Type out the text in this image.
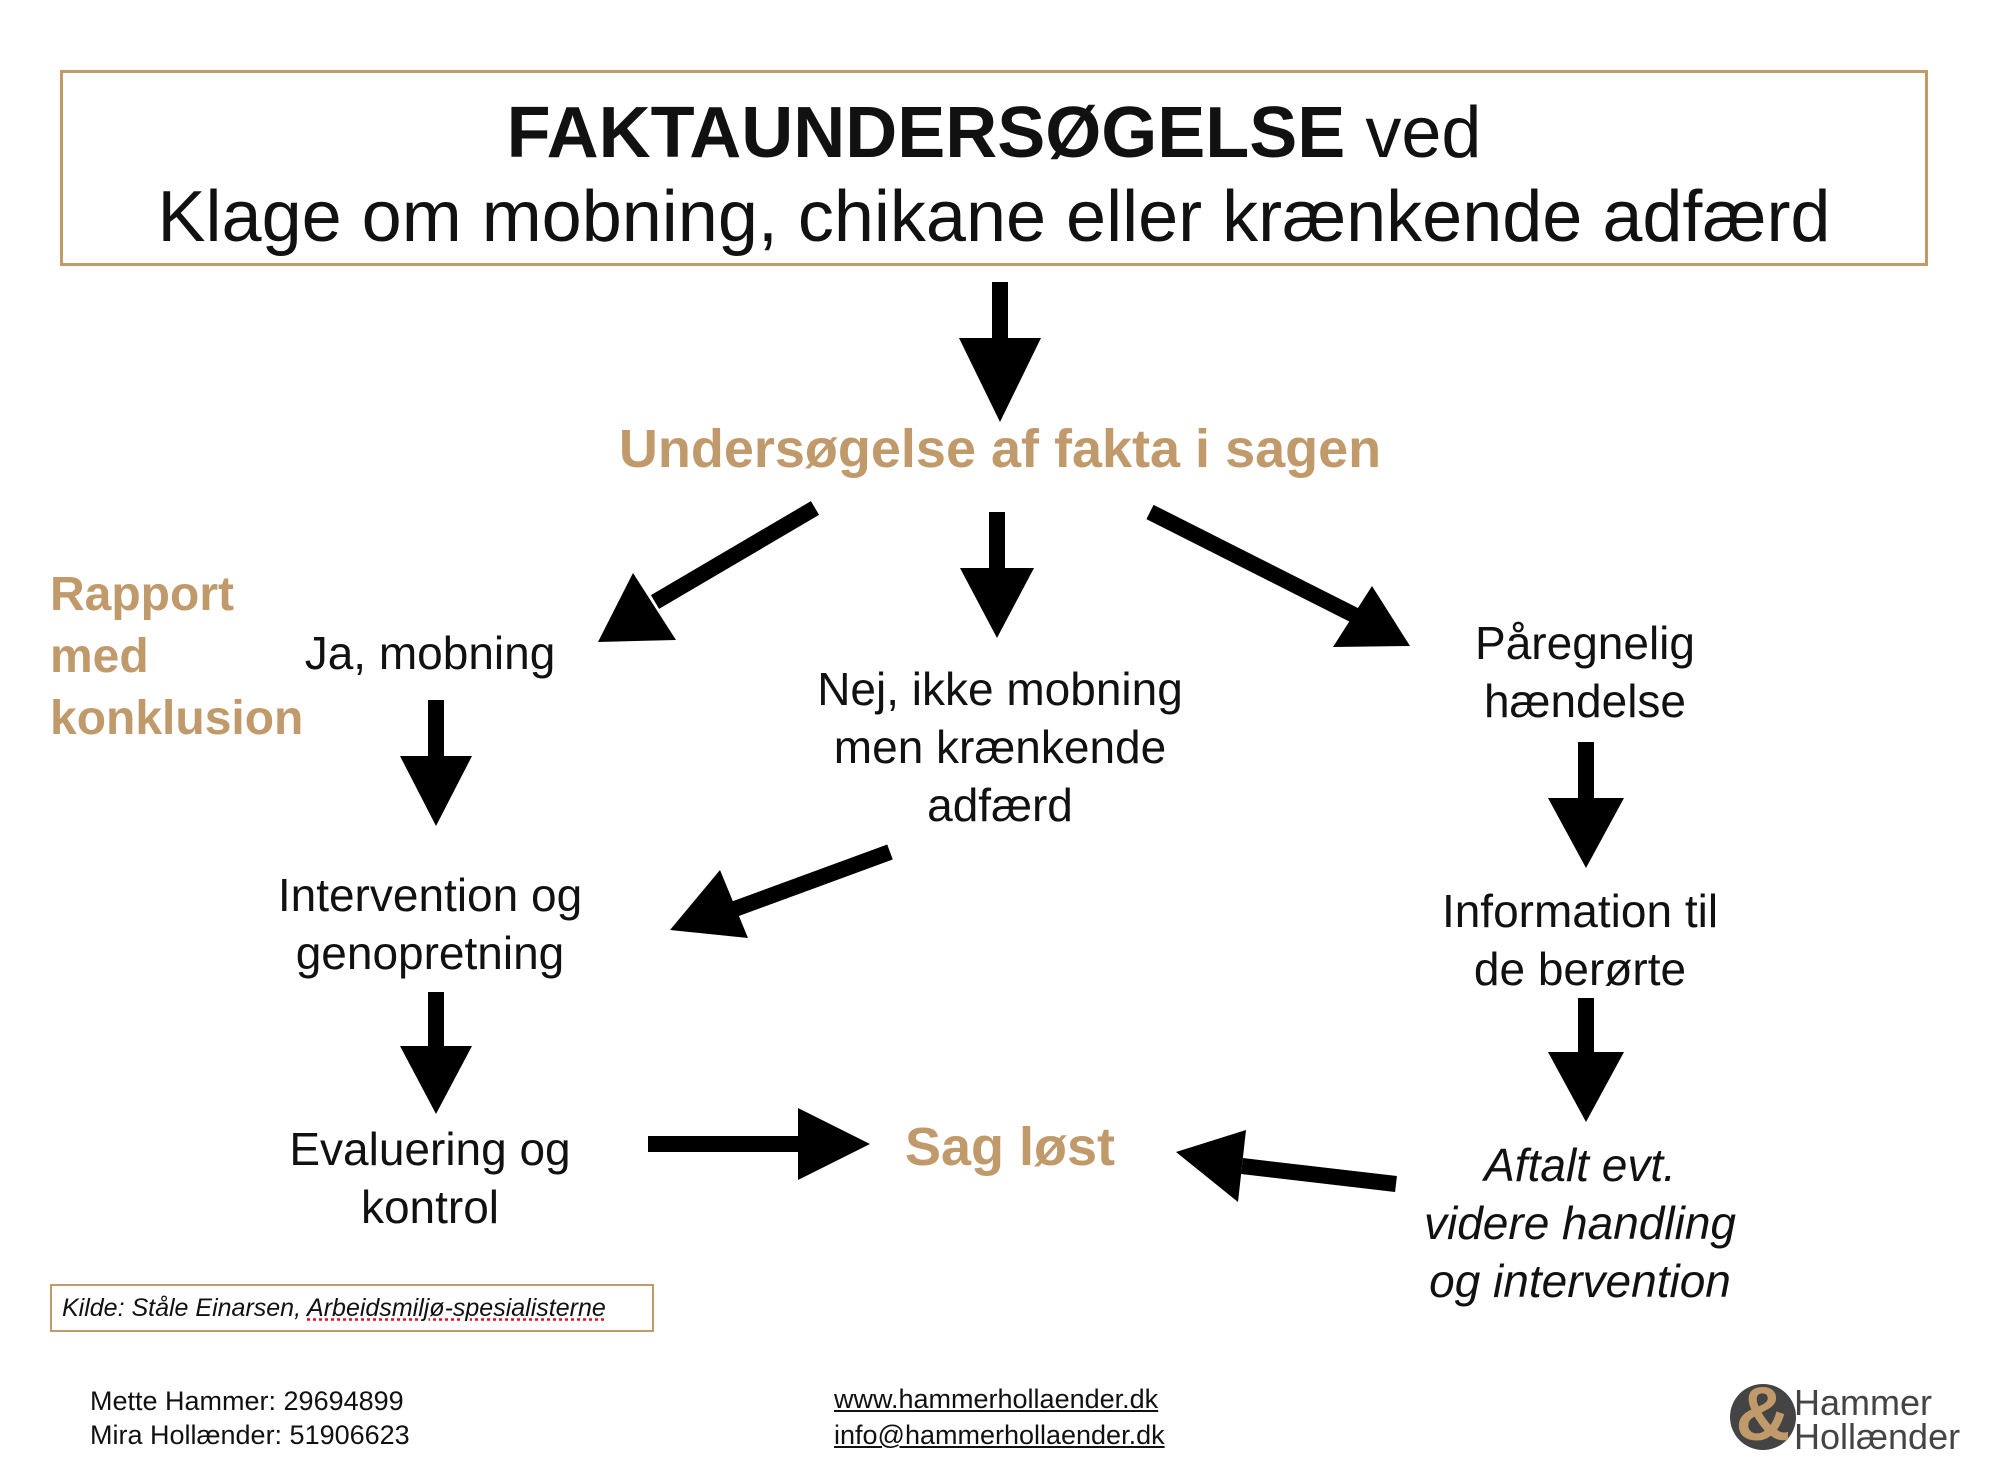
FAKTAUNDERSØGELSE ved
Klage om mobning, chikane eller krænkende adfærd
Undersøgelse af fakta i sagen
Rapport
med
konklusion
Ja, mobning
Nej, ikke mobning
men krænkende
adfærd
Påregnelig
hændelse
Intervention og
genopretning
Information til
de berørte
Evaluering og
kontrol
Sag løst	Aftalt evt.
videre handling
og intervention
Kilde: Ståle Einarsen, Arbeidsmiljø-spesialisterne
Mette Hammer: 29694899
Mira Hollænder: 51906623
www.hammerhollaender.dk
info@hammerhollaender.dk	& Hammer
Hollænder
